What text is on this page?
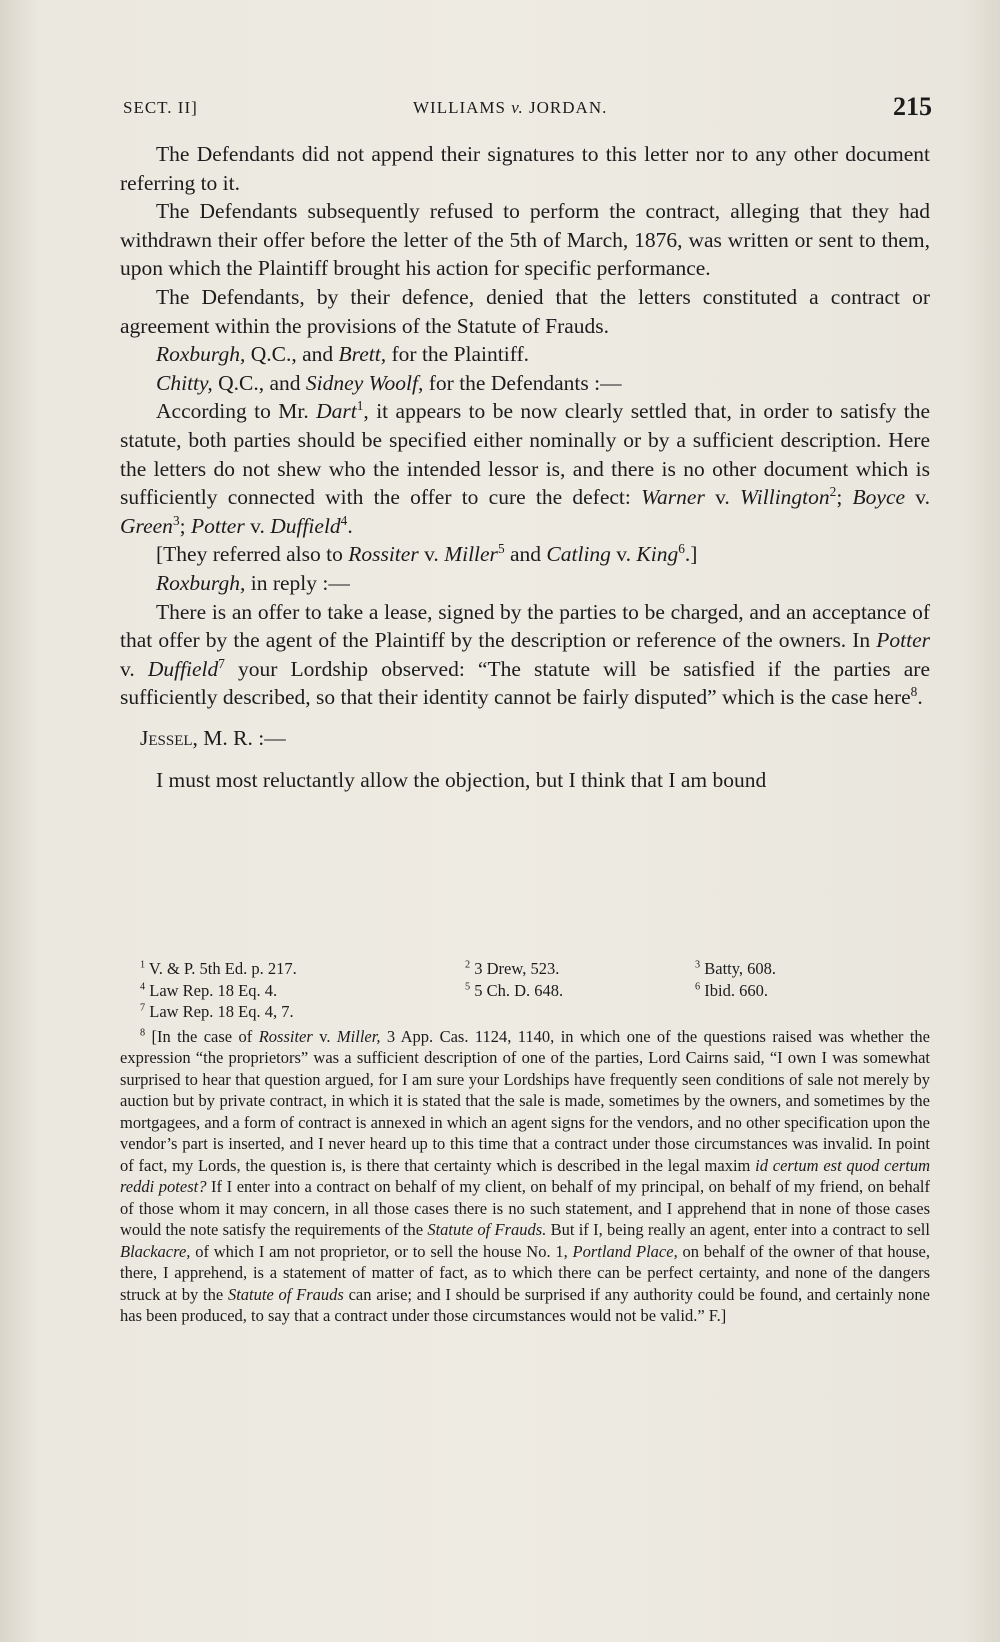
SECT. II]	WILLIAMS v. JORDAN.	215

The Defendants did not append their signatures to this letter nor to any other document referring to it.

The Defendants subsequently refused to perform the contract, alleging that they had withdrawn their offer before the letter of the 5th of March, 1876, was written or sent to them, upon which the Plaintiff brought his action for specific performance.

The Defendants, by their defence, denied that the letters constituted a contract or agreement within the provisions of the Statute of Frauds.

Roxburgh, Q.C., and Brett, for the Plaintiff.

Chitty, Q.C., and Sidney Woolf, for the Defendants :—

According to Mr. Dart$^1$, it appears to be now clearly settled that, in order to satisfy the statute, both parties should be specified either nominally or by a sufficient description. Here the letters do not shew who the intended lessor is, and there is no other document which is sufficiently connected with the offer to cure the defect: Warner v. Willington$^2$; Boyce v. Green$^3$; Potter v. Duffield$^4$.

[They referred also to Rossiter v. Miller$^5$ and Catling v. King$^6$.]

Roxburgh, in reply :—

There is an offer to take a lease, signed by the parties to be charged, and an acceptance of that offer by the agent of the Plaintiff by the description or reference of the owners. In Potter v. Duffield$^7$ your Lordship observed: “The statute will be satisfied if the parties are sufficiently described, so that their identity cannot be fairly disputed” which is the case here$^8$.

Jessel, M. R. :—

I must most reluctantly allow the objection, but I think that I am bound

$^1$ V. & P. 5th Ed. p. 217.	$^2$ 3 Drew, 523.	$^3$ Batty, 608.
$^4$ Law Rep. 18 Eq. 4.	$^5$ 5 Ch. D. 648.	$^6$ Ibid. 660.
$^7$ Law Rep. 18 Eq. 4, 7.
$^8$ [In the case of Rossiter v. Miller, 3 App. Cas. 1124, 1140, in which one of the questions raised was whether the expression “the proprietors” was a sufficient description of one of the parties, Lord Cairns said, “I own I was somewhat surprised to hear that question argued, for I am sure your Lordships have frequently seen conditions of sale not merely by auction but by private contract, in which it is stated that the sale is made, sometimes by the owners, and sometimes by the mortgagees, and a form of contract is annexed in which an agent signs for the vendors, and no other specification upon the vendor’s part is inserted, and I never heard up to this time that a contract under those circumstances was invalid. In point of fact, my Lords, the question is, is there that certainty which is described in the legal maxim id certum est quod certum reddi potest? If I enter into a contract on behalf of my client, on behalf of my principal, on behalf of my friend, on behalf of those whom it may concern, in all those cases there is no such statement, and I apprehend that in none of those cases would the note satisfy the requirements of the Statute of Frauds. But if I, being really an agent, enter into a contract to sell Blackacre, of which I am not proprietor, or to sell the house No. 1, Portland Place, on behalf of the owner of that house, there, I apprehend, is a statement of matter of fact, as to which there can be perfect certainty, and none of the dangers struck at by the Statute of Frauds can arise; and I should be surprised if any authority could be found, and certainly none has been produced, to say that a contract under those circumstances would not be valid.” F.]
